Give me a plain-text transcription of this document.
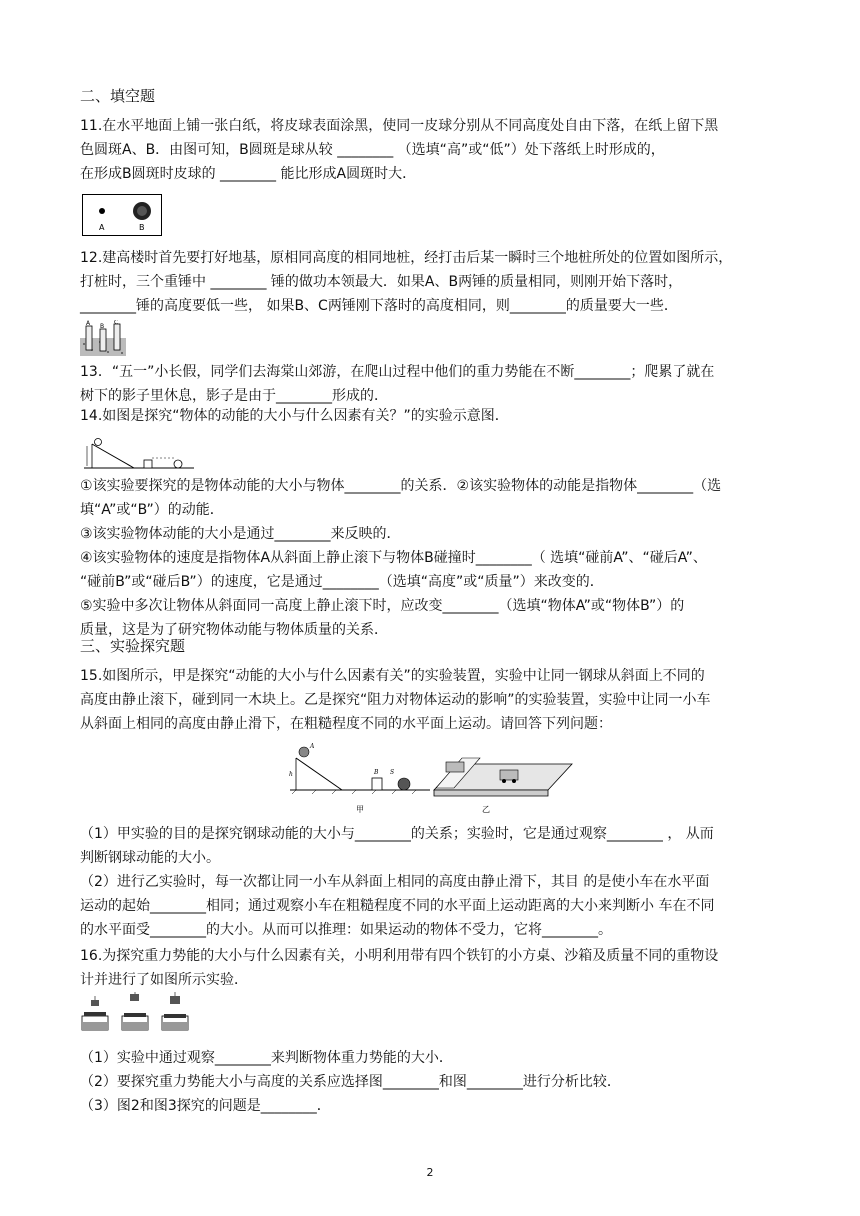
二、填空题
11.在水平地面上铺一张白纸，将皮球表面涂黑，使同一皮球分别从不同高度处自由下落，在纸上留下黑
色圆斑A、B．由图可知，B圆斑是球从较 ________ （选填“高”或“低”）处下落纸上时形成的，
在形成B圆斑时皮球的 ________ 能比形成A圆斑时大．
A	B
12.建高楼时首先要打好地基，原相同高度的相同地桩，经打击后某一瞬时三个地桩所处的位置如图所示，
打桩时，三个重锤中 ________ 锤的做功本领最大．如果A、B两锤的质量相同，则刚开始下落时，
________锤的高度要低一些， 如果B、C两锤刚下落时的高度相同，则________的质量要大一些．
A B
C
13．“五一”小长假，同学们去海棠山郊游，在爬山过程中他们的重力势能在不断________；爬累了就在
树下的影子里休息，影子是由于________形成的．
14.如图是探究“物体的动能的大小与什么因素有关？”的实验示意图．
①该实验要探究的是物体动能的大小与物体________的关系．②该实验物体的动能是指物体________（选
填“A”或“B”）的动能．
③该实验物体动能的大小是通过________来反映的．
④该实验物体的速度是指物体A从斜面上静止滚下与物体B碰撞时________（ 选填“碰前A”、“碰后A”、
“碰前B”或“碰后B”）的速度，它是通过________（选填“高度”或“质量”）来改变的．
⑤实验中多次让物体从斜面同一高度上静止滚下时，应改变________（选填“物体A”或“物体B”）的
质量，这是为了研究物体动能与物体质量的关系．
三、实验探究题
15.如图所示，甲是探究“动能的大小与什么因素有关”的实验装置，实验中让同一钢球从斜面上不同的
高度由静止滚下，碰到同一木块上。乙是探究“阻力对物体运动的影响”的实验装置，实验中让同一小车
从斜面上相同的高度由静止滑下，在粗糙程度不同的水平面上运动。请回答下列问题：
A
h	B S
甲	乙
（1）甲实验的目的是探究钢球动能的大小与________的关系；实验时，它是通过观察________ ， 从而
判断钢球动能的大小。
（2）进行乙实验时，每一次都让同一小车从斜面上相同的高度由静止滑下，其目 的是使小车在水平面
运动的起始________相同；通过观察小车在粗糙程度不同的水平面上运动距离的大小来判断小 车在不同
的水平面受________的大小。从而可以推理：如果运动的物体不受力，它将________。
16.为探究重力势能的大小与什么因素有关，小明利用带有四个铁钉的小方桌、沙箱及质量不同的重物设
计并进行了如图所示实验．
（1）实验中通过观察________来判断物体重力势能的大小．
（2）要探究重力势能大小与高度的关系应选择图________和图________进行分析比较．
（3）图2和图3探究的问题是________．
2
